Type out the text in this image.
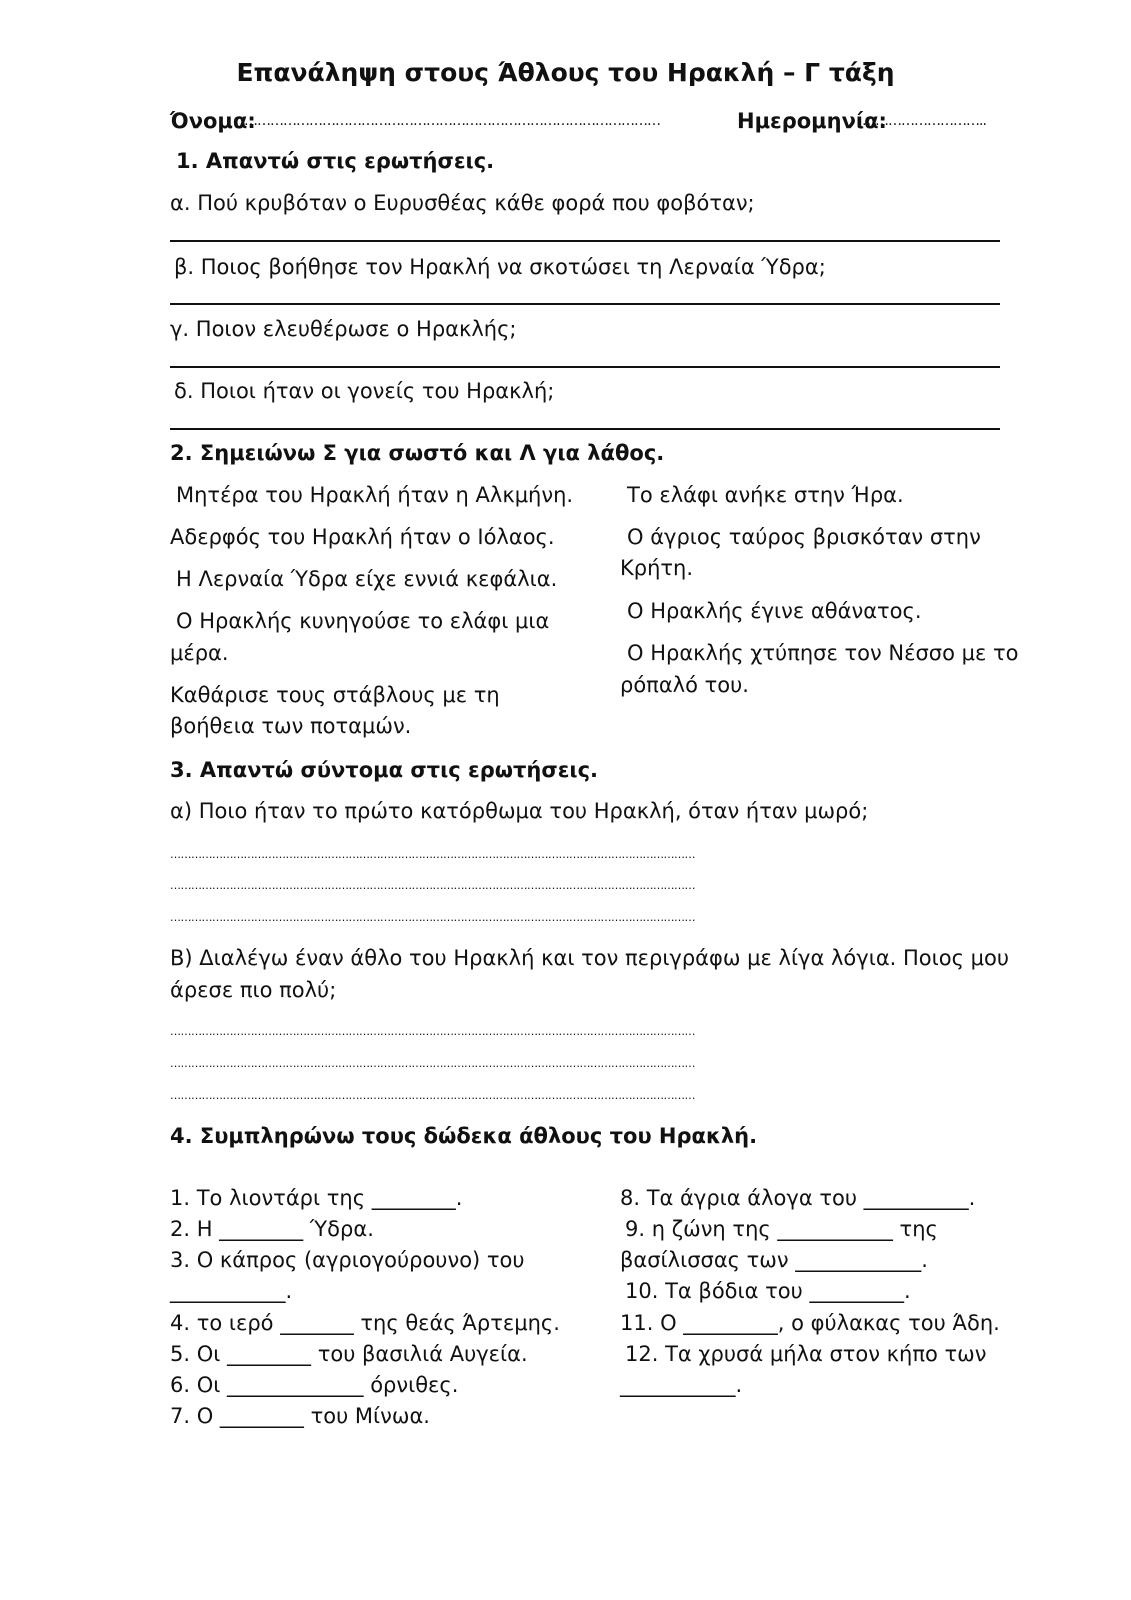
Επανάληψη στους Άθλους του Ηρακλή – Γ τάξη
Όνομα:
……………………………………………………………………………………	Ημερομηνία:
………………………..
1. Απαντώ στις ερωτήσεις.
α. Πού κρυβόταν ο Ευρυσθέας κάθε φορά που φοβόταν;
β. Ποιος βοήθησε τον Ηρακλή να σκοτώσει τη Λερναία Ύδρα;
γ. Ποιον ελευθέρωσε ο Ηρακλής;
δ. Ποιοι ήταν οι γονείς του Ηρακλή;
2. Σημειώνω Σ για σωστό και Λ για λάθος.
Μητέρα του Ηρακλή ήταν η Αλκμήνη.
Αδερφός του Ηρακλή ήταν ο Ιόλαος.
Η Λερναία Ύδρα είχε εννιά κεφάλια.
Ο Ηρακλής κυνηγούσε το ελάφι μια
μέρα.
Καθάρισε τους στάβλους με τη
βοήθεια των ποταμών.
Το ελάφι ανήκε στην Ήρα.
Ο άγριος ταύρος βρισκόταν στην
Κρήτη.
Ο Ηρακλής έγινε αθάνατος.
Ο Ηρακλής χτύπησε τον Νέσσο με το
ρόπαλό του.
3. Απαντώ σύντομα στις ερωτήσεις.
α) Ποιο ήταν το πρώτο κατόρθωμα του Ηρακλή, όταν ήταν μωρό;
……………………………………………………………………………………………………………………………………
……………………………………………………………………………………………………………………………………
……………………………………………………………………………………………………………………………………
Β) Διαλέγω έναν άθλο του Ηρακλή και τον περιγράφω με λίγα λόγια. Ποιος μου
άρεσε πιο πολύ;
……………………………………………………………………………………………………………………………………
……………………………………………………………………………………………………………………………………
……………………………………………………………………………………………………………………………………
4. Συμπληρώνω τους δώδεκα άθλους του Ηρακλή.
1. Το λιοντάρι της ________.
2. Η ________ Ύδρα.
3. Ο κάπρος (αγριογούρουνο) του
___________.
4. το ιερό _______ της θεάς Άρτεμης.
5. Οι ________ του βασιλιά Αυγεία.
6. Οι _____________ όρνιθες.
7. Ο ________ του Μίνωα.
8. Τα άγρια άλογα του __________.
9. η ζώνη της ___________ της
βασίλισσας των ____________.
10. Τα βόδια του _________.
11. Ο _________, ο φύλακας του Άδη.
12. Τα χρυσά μήλα στον κήπο των
___________.
